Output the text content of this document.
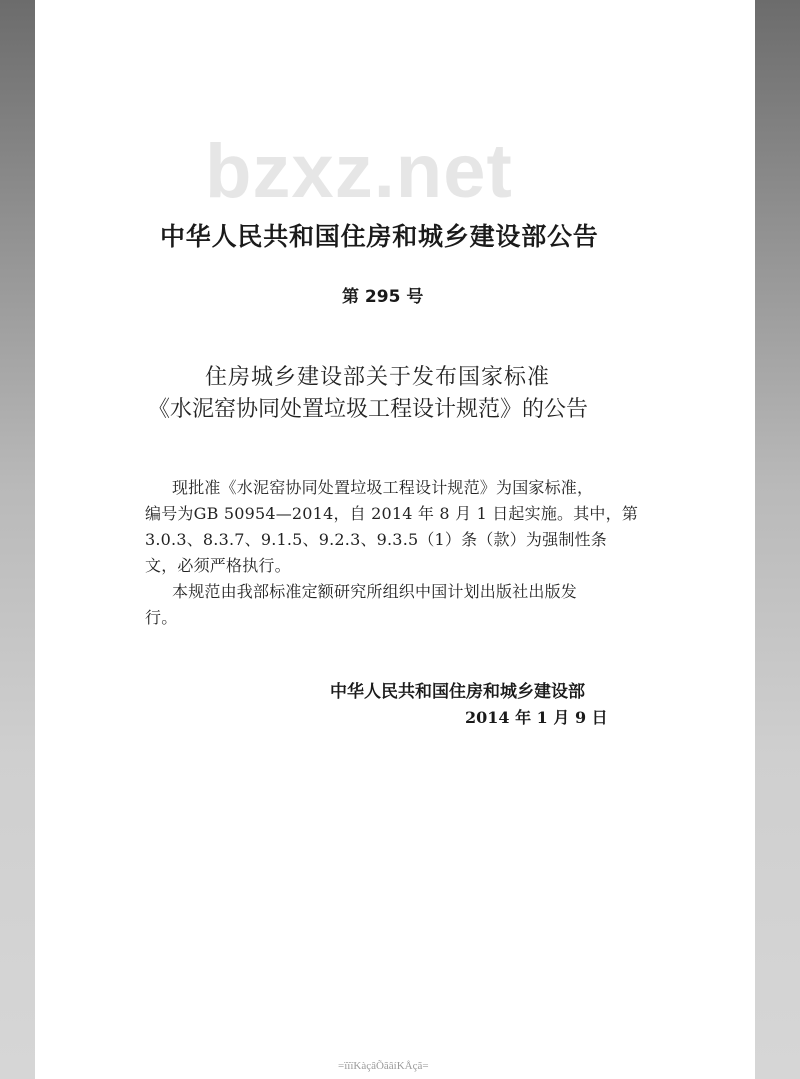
bzxz.net
中华人民共和国住房和城乡建设部公告
第 295 号
住房城乡建设部关于发布国家标准
《水泥窑协同处置垃圾工程设计规范》的公告
现批准《水泥窑协同处置垃圾工程设计规范》为国家标准，
编号为GB 50954—2014，自 2014 年 8 月 1 日起实施。其中，第
3.0.3、8.3.7、9.1.5、9.2.3、9.3.5（1）条（款）为强制性条
文，必须严格执行。
本规范由我部标准定额研究所组织中国计划出版社出版发
行。
中华人民共和国住房和城乡建设部
2014 年 1 月 9 日
=ïïïKàçâÕãâíKÅçã=
